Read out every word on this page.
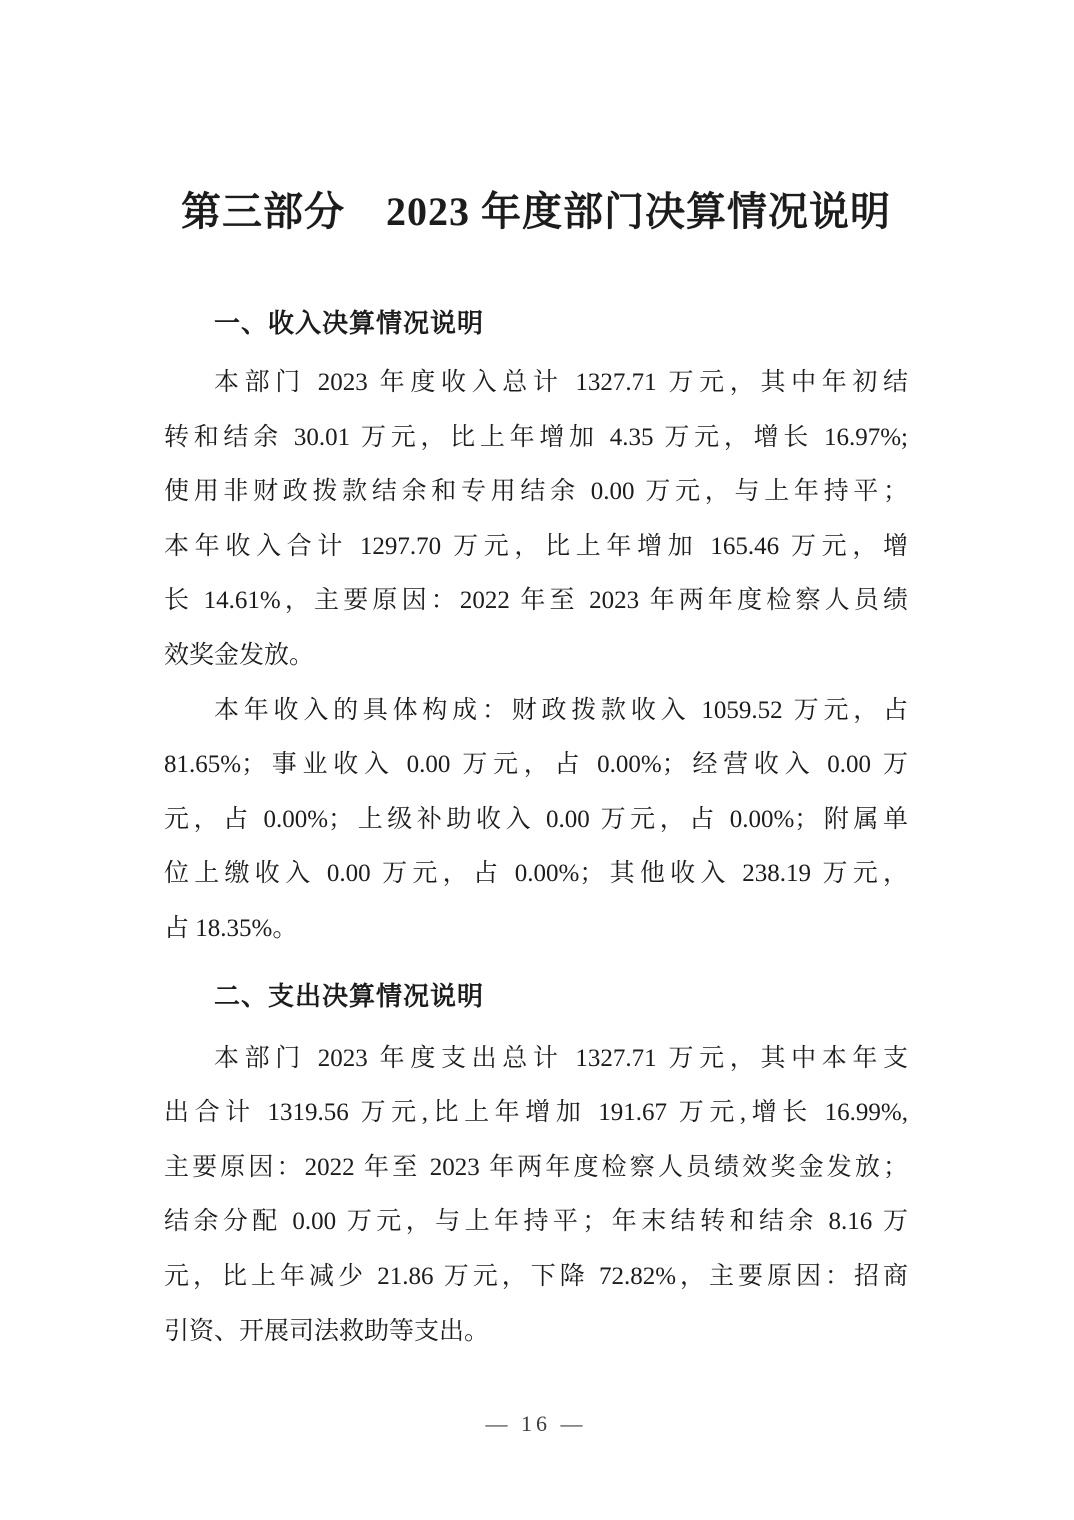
第三部分　2023 年度部门决算情况说明
一、收入决算情况说明
本部门 2023 年度收入总计 1327.71 万元，其中年初结
转和结余 30.01 万元，比上年增加 4.35 万元，增长 16.97%;
使用非财政拨款结余和专用结余 0.00 万元，与上年持平；
本年收入合计 1297.70 万元，比上年增加 165.46 万元，增
长 14.61%，主要原因：2022 年至 2023 年两年度检察人员绩
效奖金发放。
本年收入的具体构成：财政拨款收入 1059.52 万元，占
81.65%；事业收入 0.00 万元，占 0.00%；经营收入 0.00 万
元，占 0.00%；上级补助收入 0.00 万元，占 0.00%；附属单
位上缴收入 0.00 万元，占 0.00%；其他收入 238.19 万元，
占 18.35%。
二、支出决算情况说明
本部门 2023 年度支出总计 1327.71 万元，其中本年支
出合计 1319.56 万元,比上年增加 191.67 万元,增长 16.99%,
主要原因：2022 年至 2023 年两年度检察人员绩效奖金发放；
结余分配 0.00 万元，与上年持平；年末结转和结余 8.16 万
元，比上年减少 21.86 万元，下降 72.82%，主要原因：招商
引资、开展司法救助等支出。
— 16 —
